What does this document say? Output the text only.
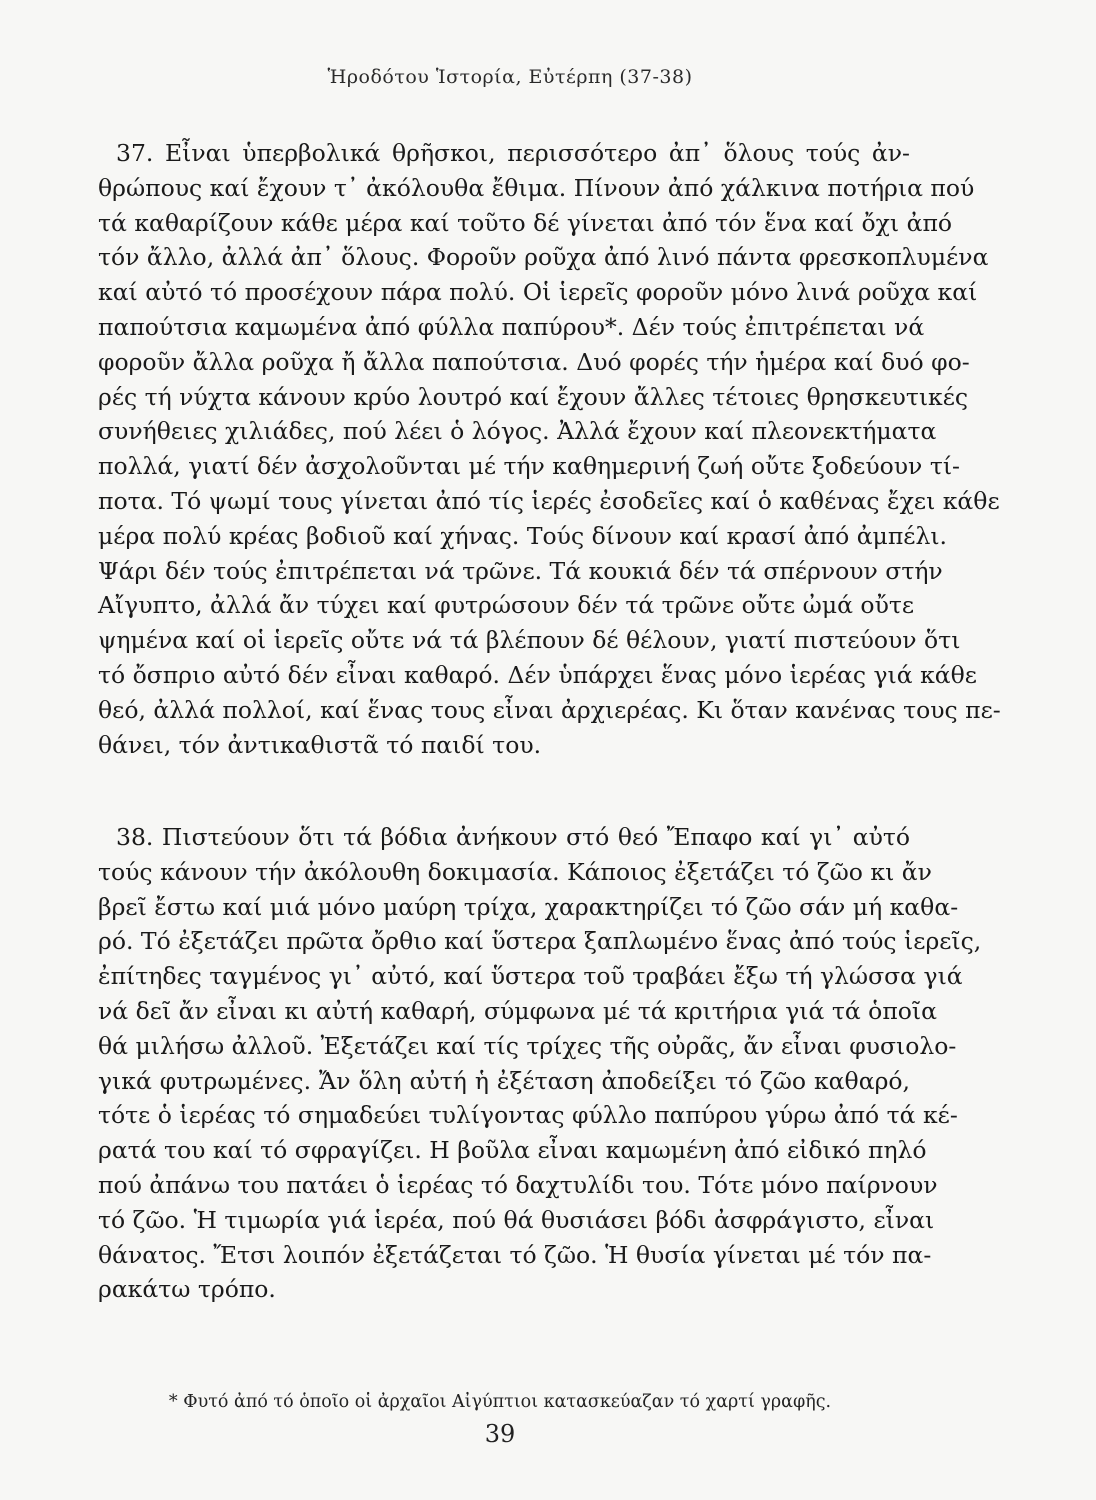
Ἡροδότου Ἱστορία, Εὐτέρπη (37-38)

37. Εἶναι ὑπερβολικά θρῆσκοι, περισσότερο ἀπ᾽ ὅλους τούς ἀν-
θρώπους καί ἔχουν τ᾽ ἀκόλουθα ἔθιμα. Πίνουν ἀπό χάλκινα ποτήρια πού
τά καθαρίζουν κάθε μέρα καί τοῦτο δέ γίνεται ἀπό τόν ἕνα καί ὄχι ἀπό
τόν ἄλλο, ἀλλά ἀπ᾽ ὅλους. Φοροῦν ροῦχα ἀπό λινό πάντα φρεσκοπλυμένα
καί αὐτό τό προσέχουν πάρα πολύ. Οἱ ἱερεῖς φοροῦν μόνο λινά ροῦχα καί
παπούτσια καμωμένα ἀπό φύλλα παπύρου*. Δέν τούς ἐπιτρέπεται νά
φοροῦν ἄλλα ροῦχα ἤ ἄλλα παπούτσια. Δυό φορές τήν ἡμέρα καί δυό φο-
ρές τή νύχτα κάνουν κρύο λουτρό καί ἔχουν ἄλλες τέτοιες θρησκευτικές
συνήθειες χιλιάδες, πού λέει ὁ λόγος. Ἀλλά ἔχουν καί πλεονεκτήματα
πολλά, γιατί δέν ἀσχολοῦνται μέ τήν καθημερινή ζωή οὔτε ξοδεύουν τί-
ποτα. Τό ψωμί τους γίνεται ἀπό τίς ἱερές ἐσοδεῖες καί ὁ καθένας ἔχει κάθε
μέρα πολύ κρέας βοδιοῦ καί χήνας. Τούς δίνουν καί κρασί ἀπό ἀμπέλι.
Ψάρι δέν τούς ἐπιτρέπεται νά τρῶνε. Τά κουκιά δέν τά σπέρνουν στήν
Αἴγυπτο, ἀλλά ἄν τύχει καί φυτρώσουν δέν τά τρῶνε οὔτε ὠμά οὔτε
ψημένα καί οἱ ἱερεῖς οὔτε νά τά βλέπουν δέ θέλουν, γιατί πιστεύουν ὅτι
τό ὄσπριο αὐτό δέν εἶναι καθαρό. Δέν ὑπάρχει ἕνας μόνο ἱερέας γιά κάθε
θεό, ἀλλά πολλοί, καί ἕνας τους εἶναι ἀρχιερέας. Κι ὅταν κανένας τους πε-
θάνει, τόν ἀντικαθιστᾶ τό παιδί του.

38. Πιστεύουν ὅτι τά βόδια ἀνήκουν στό θεό Ἔπαφο καί γι᾽ αὐτό
τούς κάνουν τήν ἀκόλουθη δοκιμασία. Κάποιος ἐξετάζει τό ζῶο κι ἄν
βρεῖ ἔστω καί μιά μόνο μαύρη τρίχα, χαρακτηρίζει τό ζῶο σάν μή καθα-
ρό. Τό ἐξετάζει πρῶτα ὄρθιο καί ὕστερα ξαπλωμένο ἕνας ἀπό τούς ἱερεῖς,
ἐπίτηδες ταγμένος γι᾽ αὐτό, καί ὕστερα τοῦ τραβάει ἔξω τή γλώσσα γιά
νά δεῖ ἄν εἶναι κι αὐτή καθαρή, σύμφωνα μέ τά κριτήρια γιά τά ὁποῖα
θά μιλήσω ἀλλοῦ. Ἐξετάζει καί τίς τρίχες τῆς οὐρᾶς, ἄν εἶναι φυσιολο-
γικά φυτρωμένες. Ἄν ὅλη αὐτή ἡ ἐξέταση ἀποδείξει τό ζῶο καθαρό,
τότε ὁ ἱερέας τό σημαδεύει τυλίγοντας φύλλο παπύρου γύρω ἀπό τά κέ-
ρατά του καί τό σφραγίζει. Η βοῦλα εἶναι καμωμένη ἀπό εἰδικό πηλό
πού ἀπάνω του πατάει ὁ ἱερέας τό δαχτυλίδι του. Τότε μόνο παίρνουν
τό ζῶο. Ἡ τιμωρία γιά ἱερέα, πού θά θυσιάσει βόδι ἀσφράγιστο, εἶναι
θάνατος. Ἔτσι λοιπόν ἐξετάζεται τό ζῶο. Ἡ θυσία γίνεται μέ τόν πα-
ρακάτω τρόπο.

* Φυτό ἀπό τό ὁποῖο οἱ ἀρχαῖοι Αἰγύπτιοι κατασκεύαζαν τό χαρτί γραφῆς.
39
